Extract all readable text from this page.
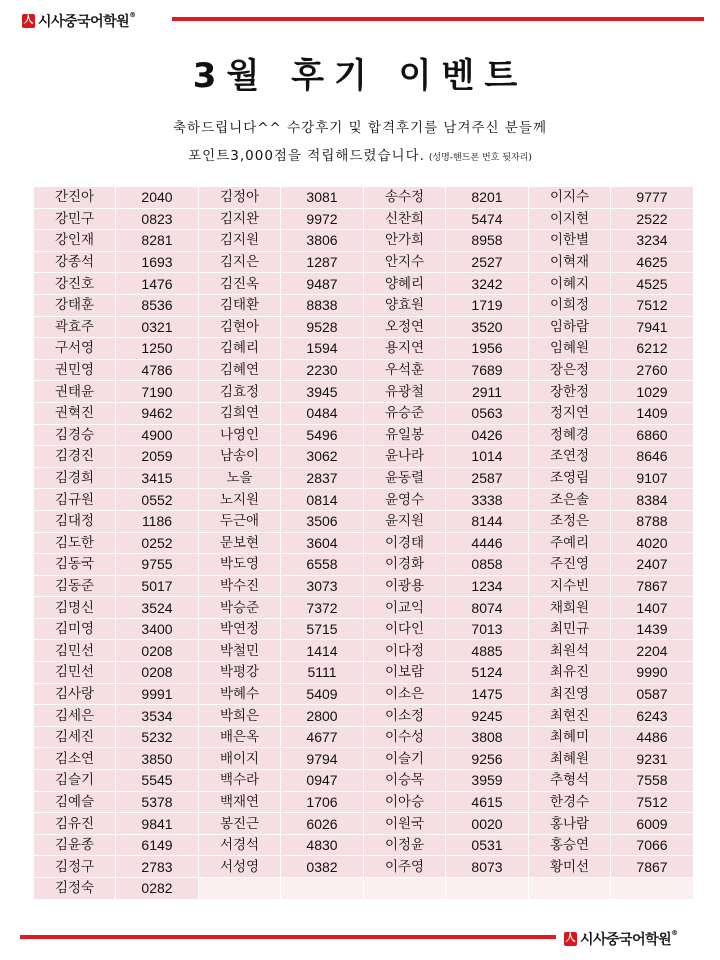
人 시사중국어학원®
3월 후기 이벤트
축하드립니다^^ 수강후기 및 합격후기를 남겨주신 분들께
포인트3,000점을 적립해드렸습니다. (성명-핸드폰 번호 뒷자리)
간진아	2040	김정아	3081	송수정	8201	이지수	9777
강민구	0823	김지완	9972	신찬희	5474	이지현	2522
강인재	8281	김지원	3806	안가희	8958	이한별	3234
강종석	1693	김지은	1287	안지수	2527	이혁재	4625
강진호	1476	김진옥	9487	양혜리	3242	이혜지	4525
강태훈	8536	김태환	8838	양효원	1719	이희정	7512
곽효주	0321	김현아	9528	오정연	3520	임하람	7941
구서영	1250	김혜리	1594	용지연	1956	임혜원	6212
권민영	4786	김혜연	2230	우석훈	7689	장은정	2760
권태윤	7190	김효정	3945	유광철	2911	장한정	1029
권혁진	9462	김희연	0484	유승준	0563	정지연	1409
김경승	4900	나영인	5496	유일봉	0426	정혜경	6860
김경진	2059	남송이	3062	윤나라	1014	조연정	8646
김경희	3415	노을	2837	윤동렬	2587	조영림	9107
김규원	0552	노지원	0814	윤영수	3338	조은솔	8384
김대정	1186	두근애	3506	윤지원	8144	조정은	8788
김도한	0252	문보현	3604	이경태	4446	주예리	4020
김동국	9755	박도영	6558	이경화	0858	주진영	2407
김동준	5017	박수진	3073	이광용	1234	지수빈	7867
김명신	3524	박승준	7372	이교익	8074	채희원	1407
김미영	3400	박연정	5715	이다인	7013	최민규	1439
김민선	0208	박철민	1414	이다정	4885	최원석	2204
김민선	0208	박평강	5111	이보람	5124	최유진	9990
김사랑	9991	박혜수	5409	이소은	1475	최진영	0587
김세은	3534	박희은	2800	이소정	9245	최현진	6243
김세진	5232	배은옥	4677	이수성	3808	최혜미	4486
김소연	3850	배이지	9794	이슬기	9256	최혜원	9231
김슬기	5545	백수라	0947	이승목	3959	추형석	7558
김예슬	5378	백재연	1706	이아승	4615	한경수	7512
김유진	9841	봉진근	6026	이원국	0020	홍나람	6009
김윤종	6149	서경석	4830	이정윤	0531	홍승연	7066
김정구	2783	서성영	0382	이주영	8073	황미선	7867
김정숙	0282						
人 시사중국어학원®
